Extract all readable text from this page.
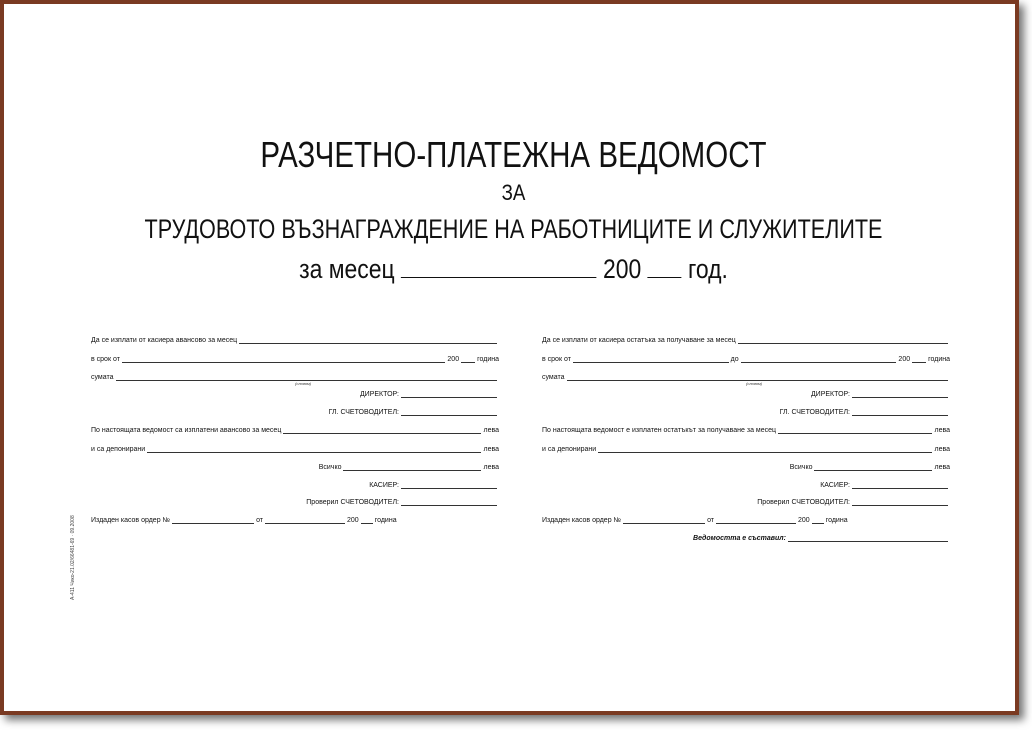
РАЗЧЕТНО-ПЛАТЕЖНА ВЕДОМОСТ
ЗА
ТРУДОВОТО ВЪЗНАГРАЖДЕНИЕ НА РАБОТНИЦИТЕ И СЛУЖИТЕЛИТЕ
за месец	200 год.
Да се изплати от касиера авансово за месец
в срок от	200	година
сумата
(словом)
ДИРЕКТОР:
ГЛ. СЧЕТОВОДИТЕЛ:
По настоящата ведомост са изплатени авансово за месец	лева
и са депонирани	лева
Всичко	лева
КАСИЕР:
Проверил СЧЕТОВОДИТЕЛ:
Издаден касов ордер №	от	200 година
Да се изплати от касиера остатъка за получаване за месец
в срок от	до	200	година
сумата
(словом)
ДИРЕКТОР:
ГЛ. СЧЕТОВОДИТЕЛ:
По настоящата ведомост е изплатен остатъкът за получаване за месец	лева
и са депонирани	лева
Всичко	лева
КАСИЕР:
Проверил СЧЕТОВОДИТЕЛ:
Издаден касов ордер №	от	200 година
Ведомостта е съставил:
А-411 Чико-21.02/66481-69 · 09.2008
